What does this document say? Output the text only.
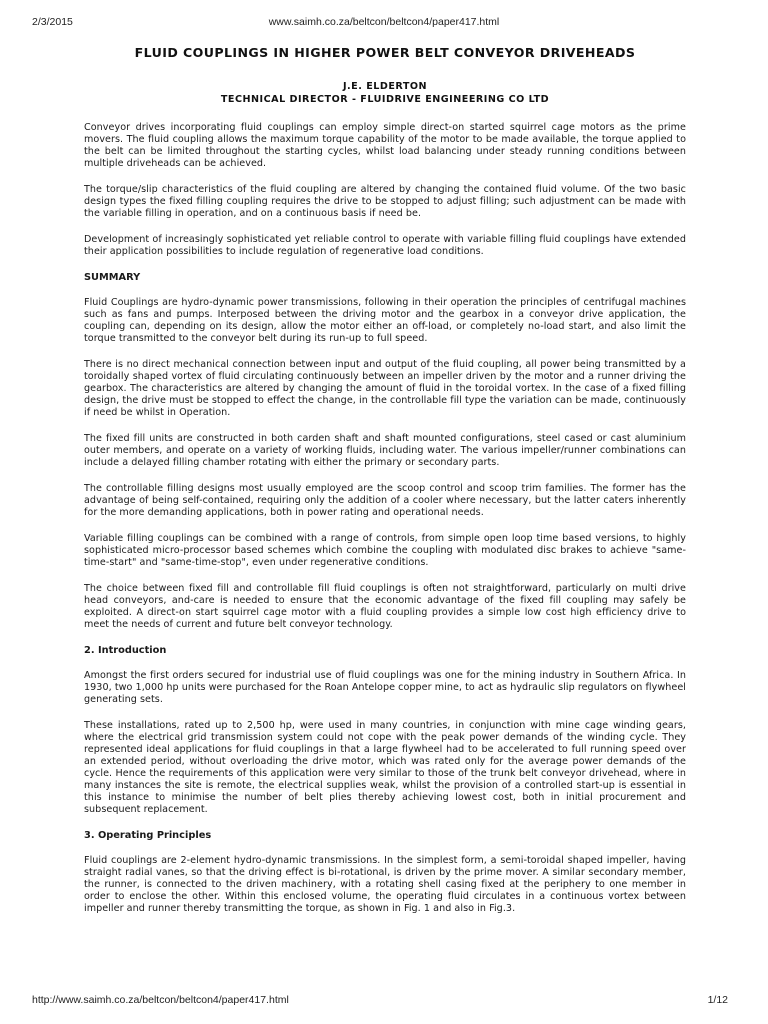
2/3/2015	www.saimh.co.za/beltcon/beltcon4/paper417.html
FLUID COUPLINGS IN HIGHER POWER BELT CONVEYOR DRIVEHEADS
J.E. ELDERTON
TECHNICAL DIRECTOR - FLUIDRIVE ENGINEERING CO LTD

Conveyor drives incorporating fluid couplings can employ simple direct-on started squirrel cage motors as the prime movers. The fluid coupling allows the maximum torque capability of the motor to be made available, the torque applied to the belt can be limited throughout the starting cycles, whilst load balancing under steady running conditions between multiple driveheads can be achieved.

The torque/slip characteristics of the fluid coupling are altered by changing the contained fluid volume. Of the two basic design types the fixed filling coupling requires the drive to be stopped to adjust filling; such adjustment can be made with the variable filling in operation, and on a continuous basis if need be.

Development of increasingly sophisticated yet reliable control to operate with variable filling fluid couplings have extended their application possibilities to include regulation of regenerative load conditions.

SUMMARY

Fluid Couplings are hydro-dynamic power transmissions, following in their operation the principles of centrifugal machines such as fans and pumps. Interposed between the driving motor and the gearbox in a conveyor drive application, the coupling can, depending on its design, allow the motor either an off-load, or completely no-load start, and also limit the torque transmitted to the conveyor belt during its run-up to full speed.

There is no direct mechanical connection between input and output of the fluid coupling, all power being transmitted by a toroidally shaped vortex of fluid circulating continuously between an impeller driven by the motor and a runner driving the gearbox. The characteristics are altered by changing the amount of fluid in the toroidal vortex. In the case of a fixed filling design, the drive must be stopped to effect the change, in the controllable fill type the variation can be made, continuously if need be whilst in Operation.

The fixed fill units are constructed in both carden shaft and shaft mounted configurations, steel cased or cast aluminium outer members, and operate on a variety of working fluids, including water. The various impeller/runner combinations can include a delayed filling chamber rotating with either the primary or secondary parts.

The controllable filling designs most usually employed are the scoop control and scoop trim families. The former has the advantage of being self-contained, requiring only the addition of a cooler where necessary, but the latter caters inherently for the more demanding applications, both in power rating and operational needs.

Variable filling couplings can be combined with a range of controls, from simple open loop time based versions, to highly sophisticated micro-processor based schemes which combine the coupling with modulated disc brakes to achieve "same-time-start" and "same-time-stop", even under regenerative conditions.

The choice between fixed fill and controllable fill fluid couplings is often not straightforward, particularly on multi drive head conveyors, and-care is needed to ensure that the economic advantage of the fixed fill coupling may safely be exploited. A direct-on start squirrel cage motor with a fluid coupling provides a simple low cost high efficiency drive to meet the needs of current and future belt conveyor technology.

2. Introduction

Amongst the first orders secured for industrial use of fluid couplings was one for the mining industry in Southern Africa. In 1930, two 1,000 hp units were purchased for the Roan Antelope copper mine, to act as hydraulic slip regulators on flywheel generating sets.

These installations, rated up to 2,500 hp, were used in many countries, in conjunction with mine cage winding gears, where the electrical grid transmission system could not cope with the peak power demands of the winding cycle. They represented ideal applications for fluid couplings in that a large flywheel had to be accelerated to full running speed over an extended period, without overloading the drive motor, which was rated only for the average power demands of the cycle. Hence the requirements of this application were very similar to those of the trunk belt conveyor drivehead, where in many instances the site is remote, the electrical supplies weak, whilst the provision of a controlled start-up is essential in this instance to minimise the number of belt plies thereby achieving lowest cost, both in initial procurement and subsequent replacement.

3. Operating Principles

Fluid couplings are 2-element hydro-dynamic transmissions. In the simplest form, a semi-toroidal shaped impeller, having straight radial vanes, so that the driving effect is bi-rotational, is driven by the prime mover. A similar secondary member, the runner, is connected to the driven machinery, with a rotating shell casing fixed at the periphery to one member in order to enclose the other. Within this enclosed volume, the operating fluid circulates in a continuous vortex between impeller and runner thereby transmitting the torque, as shown in Fig. 1 and also in Fig.3.

http://www.saimh.co.za/beltcon/beltcon4/paper417.html	1/12
